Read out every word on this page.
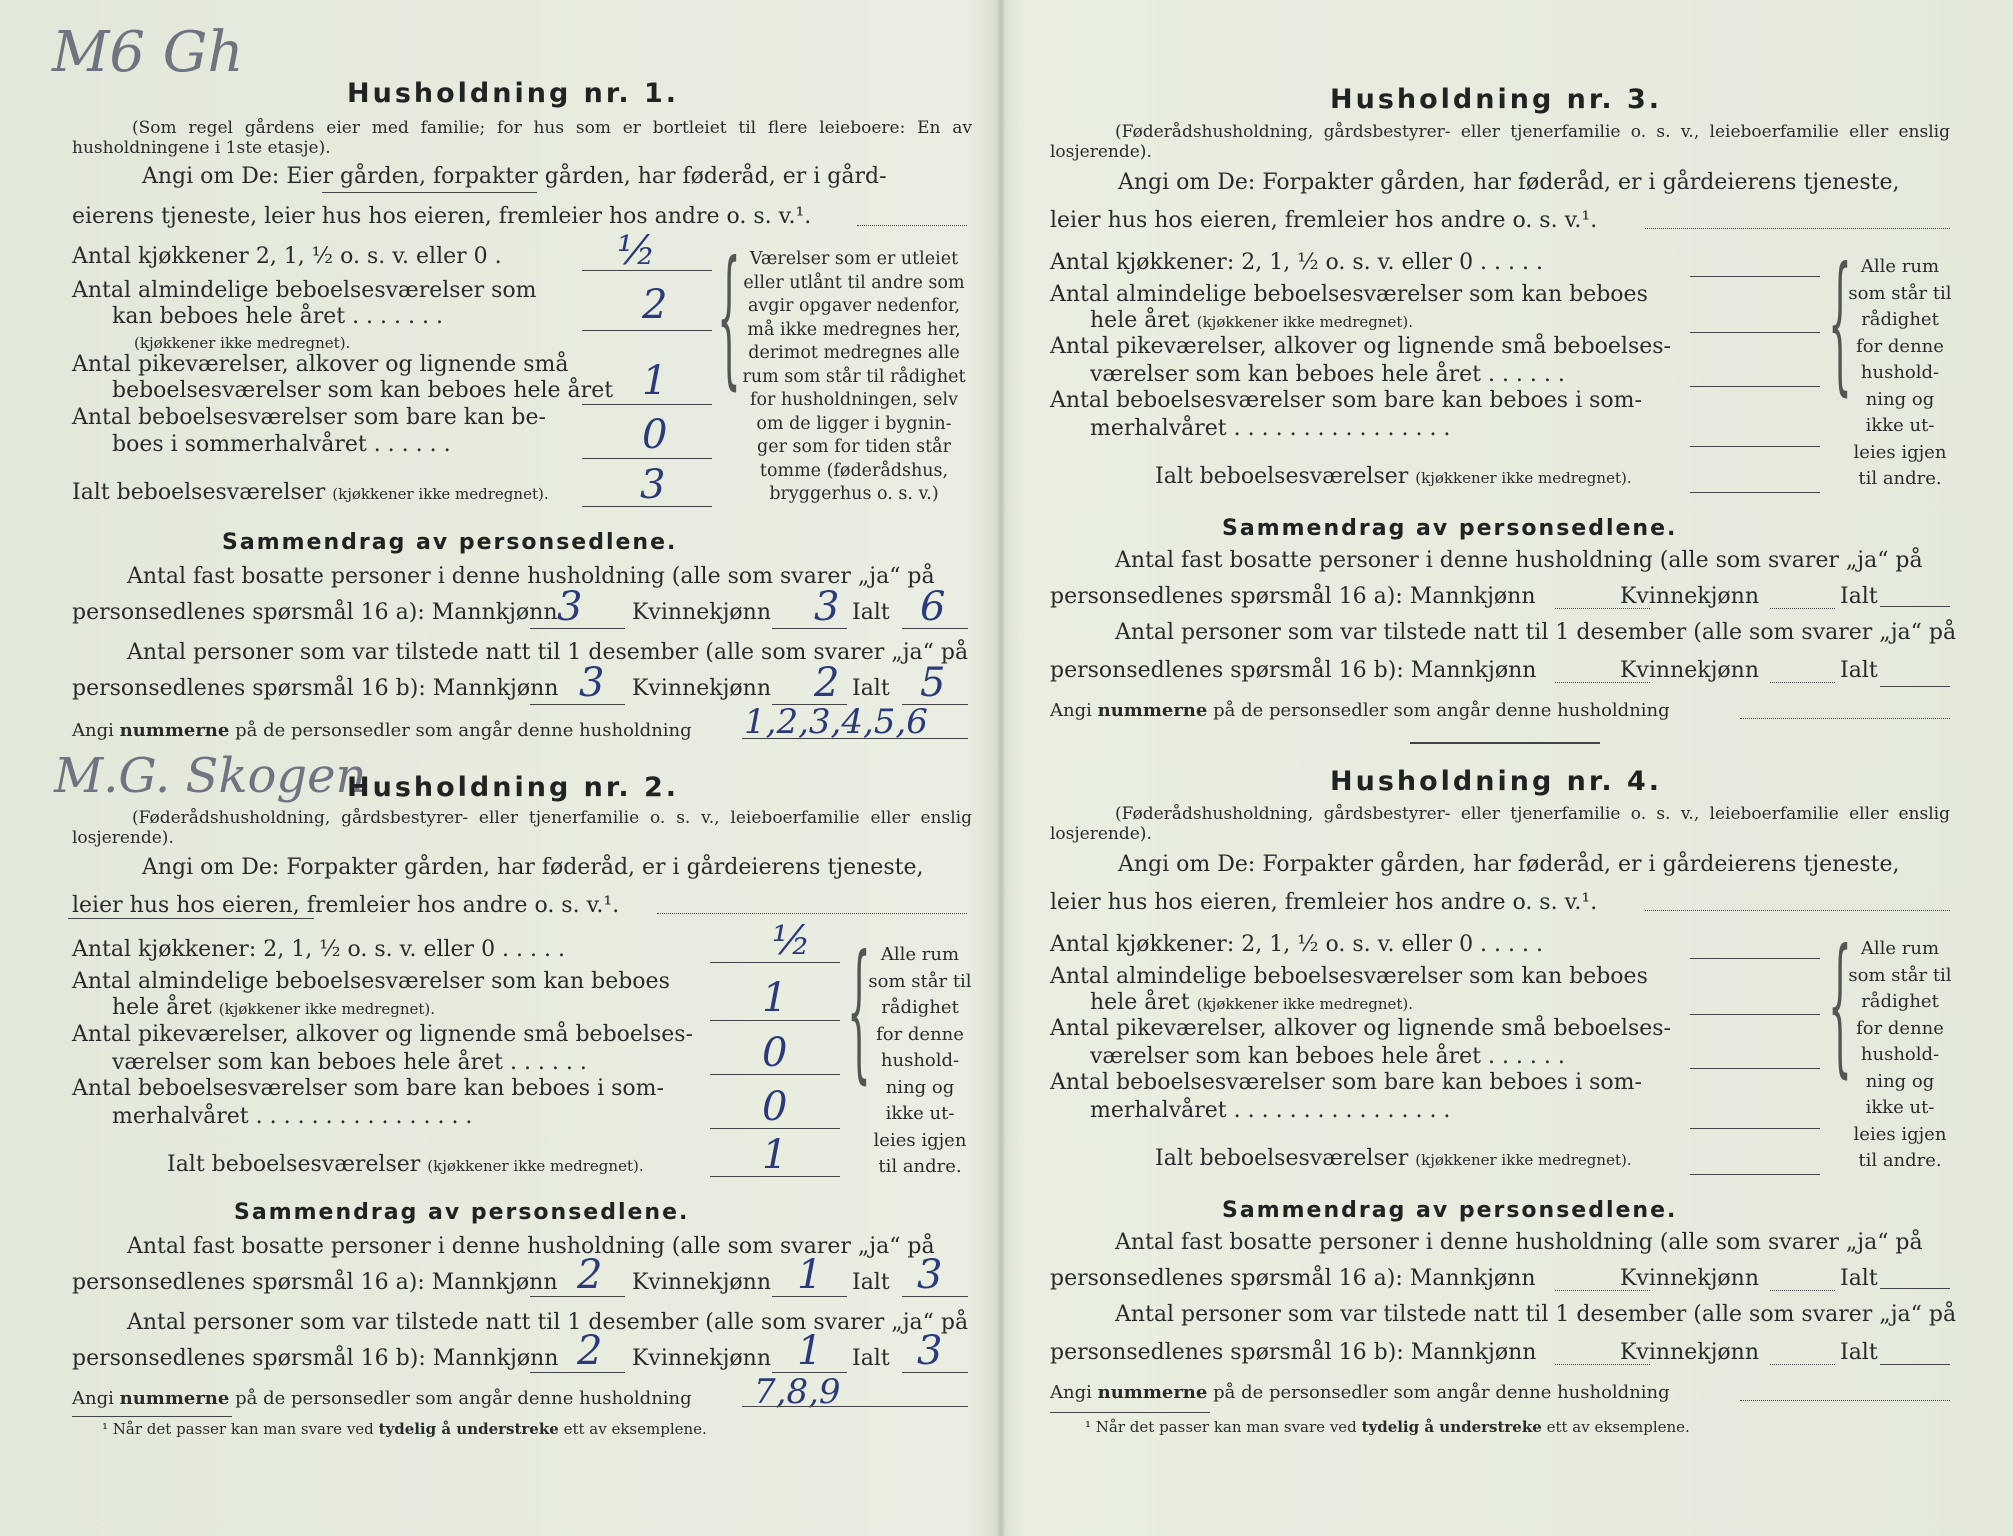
M6 Gh
Husholdning nr. 1.
(Som regel gårdens eier med familie; for hus som er bortleiet til flere leieboere: En av husholdningene i 1ste etasje).
Angi om De: Eier gården, forpakter gården, har føderåd, er i gård-
eierens tjeneste, leier hus hos eieren, fremleier hos andre o. s. v.¹.
Antal kjøkkener 2, 1, ½ o. s. v. eller 0 .	½
Antal almindelige beboelsesværelser som
kan beboes hele året . . . . . . .
(kjøkkener ikke medregnet).
2
Antal pikeværelser, alkover og lignende små
beboelsesværelser som kan beboes hele året 1
Antal beboelsesværelser som bare kan be-
boes i sommerhalvåret . . . . . .	0
Ialt beboelsesværelser (kjøkkener ikke medregnet). 3
{ Værelser som er utleiet
eller utlånt til andre som
avgir opgaver nedenfor,
må ikke medregnes her,
derimot medregnes alle
rum som står til rådighet
for husholdningen, selv
om de ligger i bygnin-
ger som for tiden står
tomme (føderådshus,
bryggerhus o. s. v.)
Sammendrag av personsedlene.
Antal fast bosatte personer i denne husholdning (alle som svarer „ja“ på
personsedlenes spørsmål 16 a): Mannkjønn 3 Kvinnekjønn 3 Ialt 6
Antal personer som var tilstede natt til 1 desember (alle som svarer „ja“ på
personsedlenes spørsmål 16 b): Mannkjønn 3 Kvinnekjønn 2 Ialt 5
Angi nummerne på de personsedler som angår denne husholdning 1,2,3,4,5,6
M.G. Skogen
Husholdning nr. 2.
(Føderådshusholdning, gårdsbestyrer- eller tjenerfamilie o. s. v., leieboerfamilie eller enslig losjerende).
Angi om De: Forpakter gården, har føderåd, er i gårdeierens tjeneste,
leier hus hos eieren, fremleier hos andre o. s. v.¹.
Antal kjøkkener: 2, 1, ½ o. s. v. eller 0 . . . . .	½
Antal almindelige beboelsesværelser som kan beboes
hele året (kjøkkener ikke medregnet).	1
Antal pikeværelser, alkover og lignende små beboelses-
værelser som kan beboes hele året . . . . . .	0
Antal beboelsesværelser som bare kan beboes i som-
merhalvåret . . . . . . . . . . . . . . . .	0
Ialt beboelsesværelser (kjøkkener ikke medregnet).	1
{ Alle rum
som står til
rådighet
for denne
hushold-
ning og
ikke ut-
leies igjen
til andre.
Sammendrag av personsedlene.
Antal fast bosatte personer i denne husholdning (alle som svarer „ja“ på
personsedlenes spørsmål 16 a): Mannkjønn 2 Kvinnekjønn 1 Ialt 3
Antal personer som var tilstede natt til 1 desember (alle som svarer „ja“ på
personsedlenes spørsmål 16 b): Mannkjønn 2 Kvinnekjønn 1 Ialt 3
Angi nummerne på de personsedler som angår denne husholdning 7,8,9
¹ Når det passer kan man svare ved tydelig å understreke ett av eksemplene.
Husholdning nr. 3.
(Føderådshusholdning, gårdsbestyrer- eller tjenerfamilie o. s. v., leieboerfamilie eller enslig losjerende).
Angi om De: Forpakter gården, har føderåd, er i gårdeierens tjeneste,
leier hus hos eieren, fremleier hos andre o. s. v.¹.
Antal kjøkkener: 2, 1, ½ o. s. v. eller 0 . . . . .
Antal almindelige beboelsesværelser som kan beboes
hele året (kjøkkener ikke medregnet).
Antal pikeværelser, alkover og lignende små beboelses-
værelser som kan beboes hele året . . . . . .
Antal beboelsesværelser som bare kan beboes i som-
merhalvåret . . . . . . . . . . . . . . . .
Ialt beboelsesværelser (kjøkkener ikke medregnet).
{ Alle rum
som står til
rådighet
for denne
hushold-
ning og
ikke ut-
leies igjen
til andre.
Sammendrag av personsedlene.
Antal fast bosatte personer i denne husholdning (alle som svarer „ja“ på
personsedlenes spørsmål 16 a): Mannkjønn	Kvinnekjønn	Ialt
Antal personer som var tilstede natt til 1 desember (alle som svarer „ja“ på
personsedlenes spørsmål 16 b): Mannkjønn	Kvinnekjønn	Ialt
Angi nummerne på de personsedler som angår denne husholdning
Husholdning nr. 4.
(Føderådshusholdning, gårdsbestyrer- eller tjenerfamilie o. s. v., leieboerfamilie eller enslig losjerende).
Angi om De: Forpakter gården, har føderåd, er i gårdeierens tjeneste,
leier hus hos eieren, fremleier hos andre o. s. v.¹.
Antal kjøkkener: 2, 1, ½ o. s. v. eller 0 . . . . .
Antal almindelige beboelsesværelser som kan beboes
hele året (kjøkkener ikke medregnet).
Antal pikeværelser, alkover og lignende små beboelses-
værelser som kan beboes hele året . . . . . .
Antal beboelsesværelser som bare kan beboes i som-
merhalvåret . . . . . . . . . . . . . . . .
Ialt beboelsesværelser (kjøkkener ikke medregnet).
{ Alle rum
som står til
rådighet
for denne
hushold-
ning og
ikke ut-
leies igjen
til andre.
Sammendrag av personsedlene.
Antal fast bosatte personer i denne husholdning (alle som svarer „ja“ på
personsedlenes spørsmål 16 a): Mannkjønn	Kvinnekjønn	Ialt
Antal personer som var tilstede natt til 1 desember (alle som svarer „ja“ på
personsedlenes spørsmål 16 b): Mannkjønn	Kvinnekjønn	Ialt
Angi nummerne på de personsedler som angår denne husholdning
¹ Når det passer kan man svare ved tydelig å understreke ett av eksemplene.
